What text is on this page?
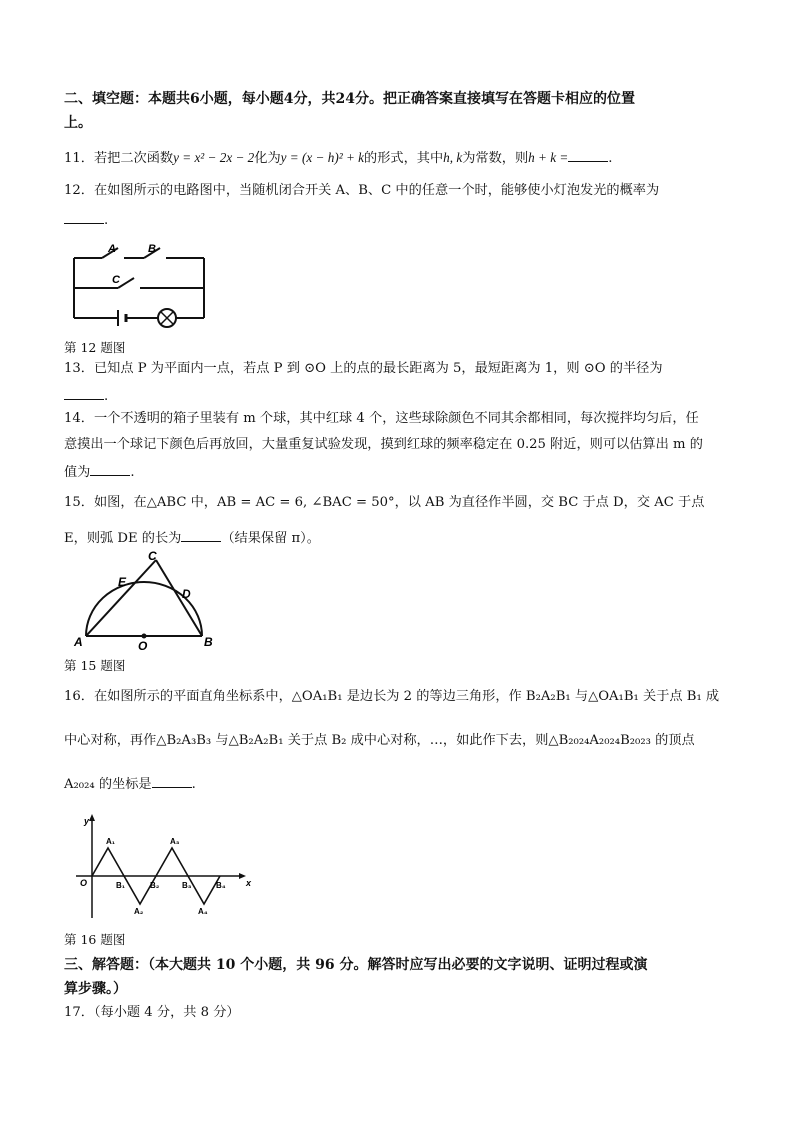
二、填空题：本题共6小题，每小题4分，共24分。把正确答案直接填写在答题卡相应的位置
上。
11．若把二次函数y = x² − 2x − 2化为y = (x − h)² + k的形式，其中h, k为常数，则h + k =	.
12．在如图所示的电路图中，当随机闭合开关 A、B、C 中的任意一个时，能够使小灯泡发光的概率为
.
A	B
C
第 12 题图
13．已知点 P 为平面内一点，若点 P 到 ⊙O 上的点的最长距离为 5，最短距离为 1，则 ⊙O 的半径为
.
14．一个不透明的箱子里装有 m 个球，其中红球 4 个，这些球除颜色不同其余都相同，每次搅拌均匀后，任
意摸出一个球记下颜色后再放回，大量重复试验发现，摸到红球的频率稳定在 0.25 附近，则可以估算出 m 的
值为	.
15．如图，在△ABC 中，AB = AC = 6, ∠BAC = 50°，以 AB 为直径作半圆，交 BC 于点 D，交 AC 于点
E，则弧 DE 的长为	（结果保留 π）。
A	B
C
D
E
O
第 15 题图
16．在如图所示的平面直角坐标系中，△OA₁B₁ 是边长为 2 的等边三角形，作 B₂A₂B₁ 与△OA₁B₁ 关于点 B₁ 成
中心对称，再作△B₂A₃B₃ 与△B₂A₂B₁ 关于点 B₂ 成中心对称，…，如此作下去，则△B₂₀₂₄A₂₀₂₄B₂₀₂₃ 的顶点
A₂₀₂₄ 的坐标是	.
y
x
O
A₁
A₂
A₃
A₄
B₁	B₂	B₃	B₄
第 16 题图
三、解答题：（本大题共 10 个小题，共 96 分。解答时应写出必要的文字说明、证明过程或演
算步骤。）
17．（每小题 4 分，共 8 分）
